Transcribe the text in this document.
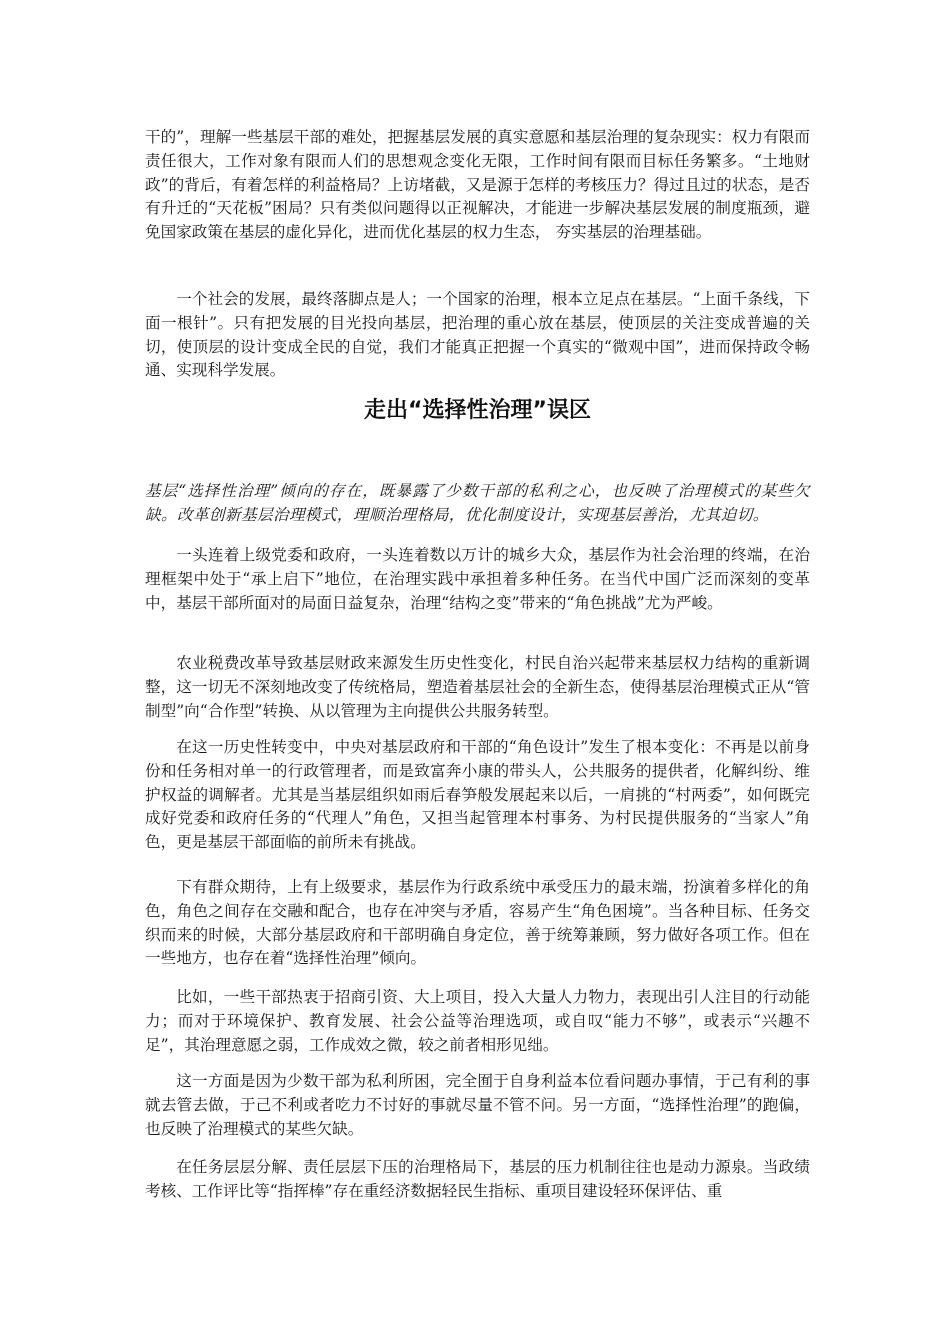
干的”，理解一些基层干部的难处，把握基层发展的真实意愿和基层治理的复杂现实：权力有限而责任很大，工作对象有限而人们的思想观念变化无限，工作时间有限而目标任务繁多。“土地财政”的背后，有着怎样的利益格局？上访堵截，又是源于怎样的考核压力？得过且过的状态，是否有升迁的“天花板”困局？只有类似问题得以正视解决，才能进一步解决基层发展的制度瓶颈，避免国家政策在基层的虚化异化，进而优化基层的权力生态， 夯实基层的治理基础。

一个社会的发展，最终落脚点是人；一个国家的治理，根本立足点在基层。“上面千条线，下面一根针”。只有把发展的目光投向基层，把治理的重心放在基层，使顶层的关注变成普遍的关切，使顶层的设计变成全民的自觉，我们才能真正把握一个真实的“微观中国”，进而保持政令畅通、实现科学发展。

走出“选择性治理”误区

基层“选择性治理”倾向的存在，既暴露了少数干部的私利之心，也反映了治理模式的某些欠缺。改革创新基层治理模式，理顺治理格局，优化制度设计，实现基层善治，尤其迫切。

一头连着上级党委和政府，一头连着数以万计的城乡大众，基层作为社会治理的终端，在治理框架中处于“承上启下”地位，在治理实践中承担着多种任务。在当代中国广泛而深刻的变革中，基层干部所面对的局面日益复杂，治理“结构之变”带来的“角色挑战”尤为严峻。

农业税费改革导致基层财政来源发生历史性变化，村民自治兴起带来基层权力结构的重新调整，这一切无不深刻地改变了传统格局，塑造着基层社会的全新生态，使得基层治理模式正从“管制型”向“合作型”转换、从以管理为主向提供公共服务转型。

在这一历史性转变中，中央对基层政府和干部的“角色设计”发生了根本变化：不再是以前身份和任务相对单一的行政管理者，而是致富奔小康的带头人，公共服务的提供者，化解纠纷、维护权益的调解者。尤其是当基层组织如雨后春笋般发展起来以后，一肩挑的“村两委”，如何既完成好党委和政府任务的“代理人”角色，又担当起管理本村事务、为村民提供服务的“当家人”角色，更是基层干部面临的前所未有挑战。

下有群众期待，上有上级要求，基层作为行政系统中承受压力的最末端，扮演着多样化的角色，角色之间存在交融和配合，也存在冲突与矛盾，容易产生“角色困境”。当各种目标、任务交织而来的时候，大部分基层政府和干部明确自身定位，善于统筹兼顾，努力做好各项工作。但在一些地方，也存在着“选择性治理”倾向。

比如，一些干部热衷于招商引资、大上项目，投入大量人力物力，表现出引人注目的行动能力；而对于环境保护、教育发展、社会公益等治理选项，或自叹“能力不够”，或表示“兴趣不足”，其治理意愿之弱，工作成效之微，较之前者相形见绌。

这一方面是因为少数干部为私利所困，完全囿于自身利益本位看问题办事情，于己有利的事就去管去做，于己不利或者吃力不讨好的事就尽量不管不问。另一方面，“选择性治理”的跑偏，也反映了治理模式的某些欠缺。

在任务层层分解、责任层层下压的治理格局下，基层的压力机制往往也是动力源泉。当政绩考核、工作评比等“指挥棒”存在重经济数据轻民生指标、重项目建设轻环保评估、重
